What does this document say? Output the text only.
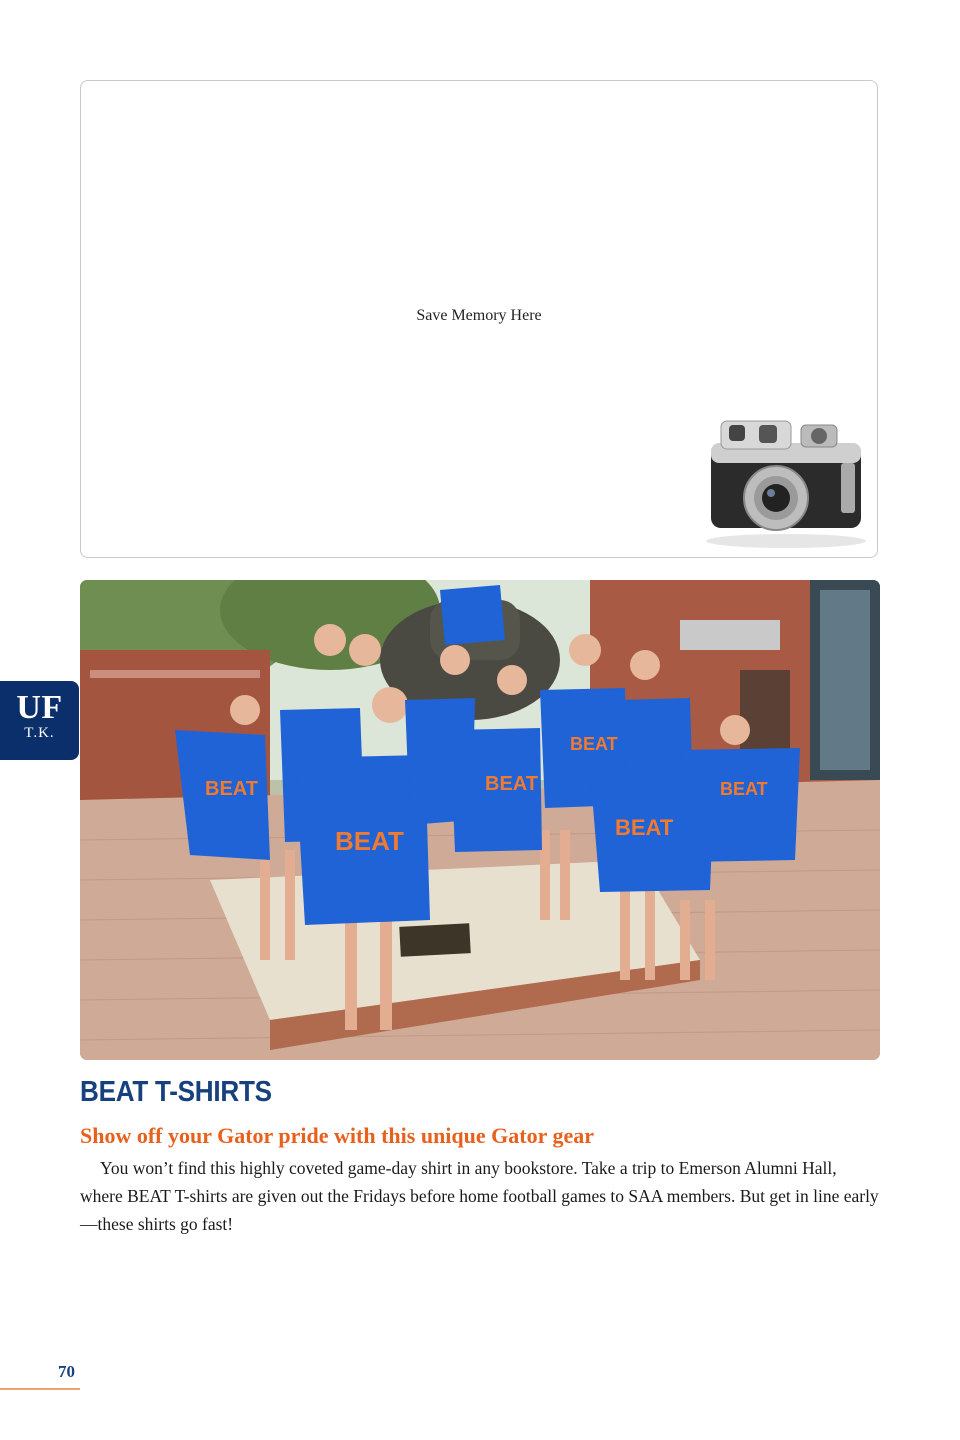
Save Memory Here
BEAT
BEAT
BEAT
BEAT
BEAT
BEAT
UF
T.K.
BEAT T-SHIRTS
Show off your Gator pride with this unique Gator gear

You won’t find this highly coveted game-day shirt in any bookstore. Take a trip to Emerson Alumni Hall, where BEAT T-shirts are given out the Fridays before home football games to SAA members. But get in line early—these shirts go fast!

70
